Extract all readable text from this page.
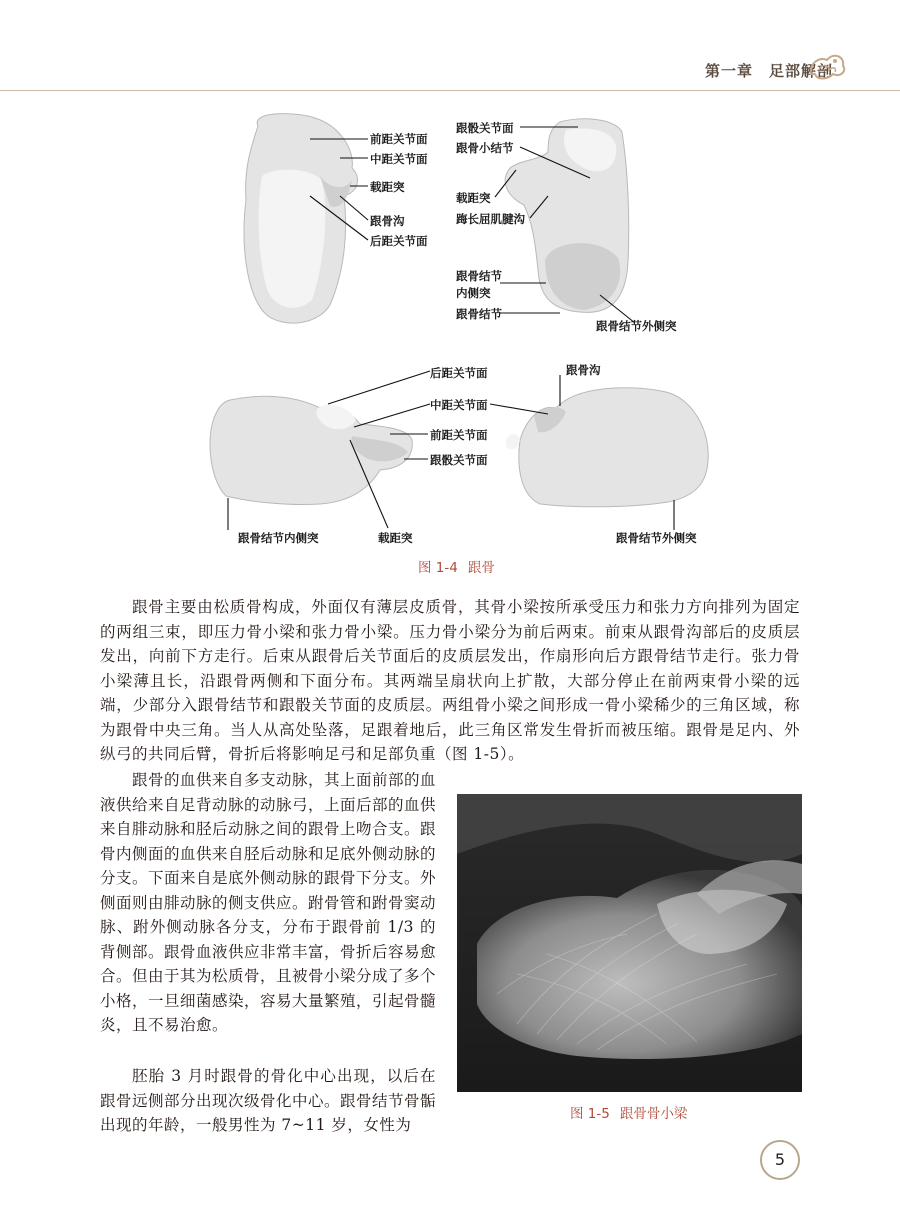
第一章　足部解剖
前距关节面
中距关节面
载距突
跟骨沟
后距关节面
跟骰关节面
跟骨小结节
载距突
踇长屈肌腱沟
跟骨结节
内侧突
跟骨结节
跟骨结节外侧突
后距关节面	跟骨沟
中距关节面
前距关节面
跟骰关节面
跟骨结节内侧突	载距突	跟骨结节外侧突
图 1-4 跟骨

跟骨主要由松质骨构成，外面仅有薄层皮质骨，其骨小梁按所承受压力和张力方向排列为固定的两组三束，即压力骨小梁和张力骨小梁。压力骨小梁分为前后两束。前束从跟骨沟部后的皮质层发出，向前下方走行。后束从跟骨后关节面后的皮质层发出，作扇形向后方跟骨结节走行。张力骨小梁薄且长，沿跟骨两侧和下面分布。其两端呈扇状向上扩散，大部分停止在前两束骨小梁的远端，少部分入跟骨结节和跟骰关节面的皮质层。两组骨小梁之间形成一骨小梁稀少的三角区域，称为跟骨中央三角。当人从高处坠落，足跟着地后，此三角区常发生骨折而被压缩。跟骨是足内、外纵弓的共同后臂，骨折后将影响足弓和足部负重（图 1-5）。

跟骨的血供来自多支动脉，其上面前部的血液供给来自足背动脉的动脉弓，上面后部的血供来自腓动脉和胫后动脉之间的跟骨上吻合支。跟骨内侧面的血供来自胫后动脉和足底外侧动脉的分支。下面来自是底外侧动脉的跟骨下分支。外侧面则由腓动脉的侧支供应。跗骨管和跗骨窦动脉、跗外侧动脉各分支，分布于跟骨前 1/3 的背侧部。跟骨血液供应非常丰富，骨折后容易愈合。但由于其为松质骨，且被骨小梁分成了多个小格，一旦细菌感染，容易大量繁殖，引起骨髓炎，且不易治愈。

胚胎 3 月时跟骨的骨化中心出现，以后在跟骨远侧部分出现次级骨化中心。跟骨结节骨骺出现的年龄，一般男性为 7~11 岁，女性为

图 1-5 跟骨骨小梁
5
